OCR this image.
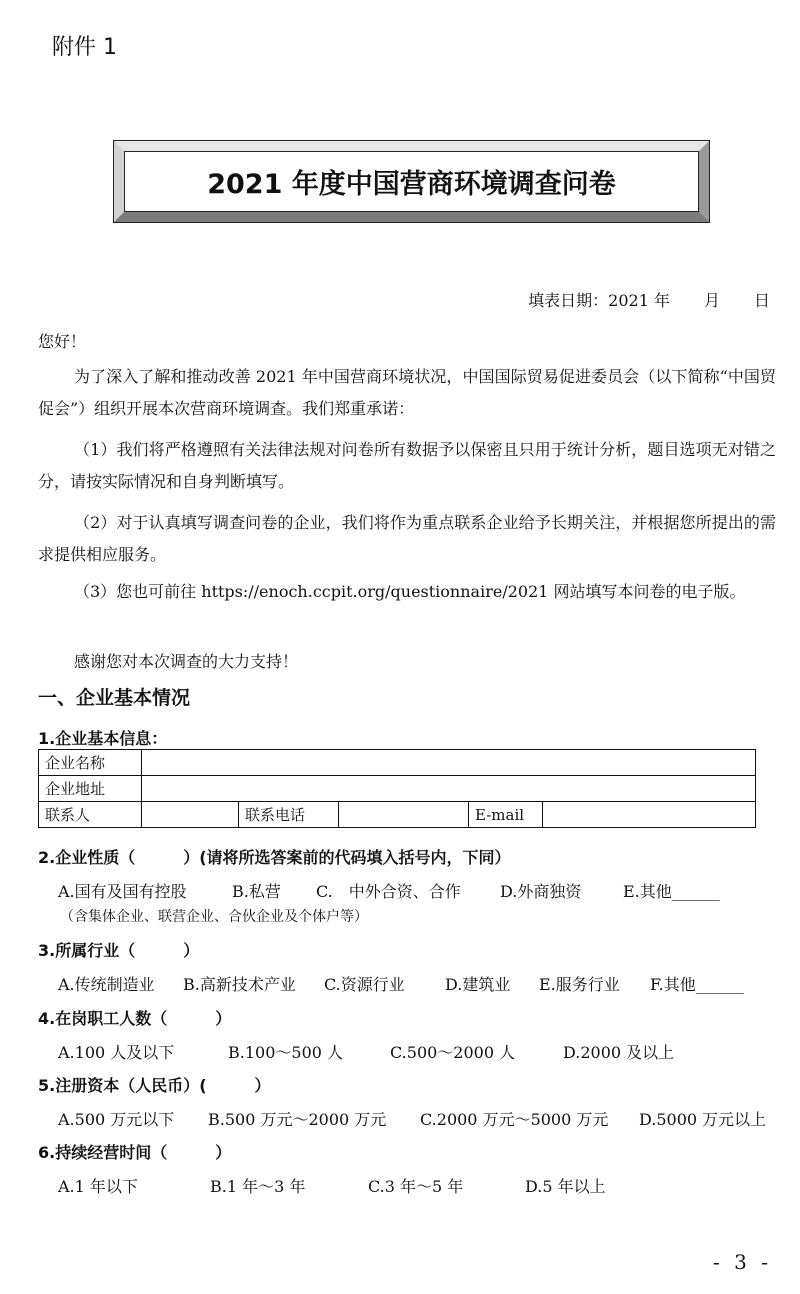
附件 1
2021 年度中国营商环境调查问卷
填表日期：2021 年 月 日
您好！
为了深入了解和推动改善 2021 年中国营商环境状况，中国国际贸易促进委员会（以下简称“中国贸促会”）组织开展本次营商环境调查。我们郑重承诺：
（1）我们将严格遵照有关法律法规对问卷所有数据予以保密且只用于统计分析，题目选项无对错之分，请按实际情况和自身判断填写。
（2）对于认真填写调查问卷的企业，我们将作为重点联系企业给予长期关注，并根据您所提出的需求提供相应服务。
（3）您也可前往 https://enoch.ccpit.org/questionnaire/2021 网站填写本问卷的电子版。
感谢您对本次调查的大力支持！
一、企业基本情况
1.企业基本信息：
企业名称					
企业地址					
联系人		联系电话		E-mail	
2.企业性质（　　　）(请将所选答案前的代码填入括号内，下同）
A.国有及国有控股	B.私营 C.　中外合资、合作 D.外商独资	E.其他______
（含集体企业、联营企业、合伙企业及个体户等）
3.所属行业（　　　）
A.传统制造业 B.高新技术产业 C.资源行业	D.建筑业 E.服务行业 F.其他______
4.在岗职工人数（　　　）
A.100 人及以下	B.100～500 人	C.500～2000 人	D.2000 及以上
5.注册资本（人民币）(　　　）
A.500 万元以下 B.500 万元～2000 万元 C.2000 万元～5000 万元 D.5000 万元以上
6.持续经营时间（　　　）
A.1 年以下	B.1 年～3 年	C.3 年～5 年	D.5 年以上
- 3 -
